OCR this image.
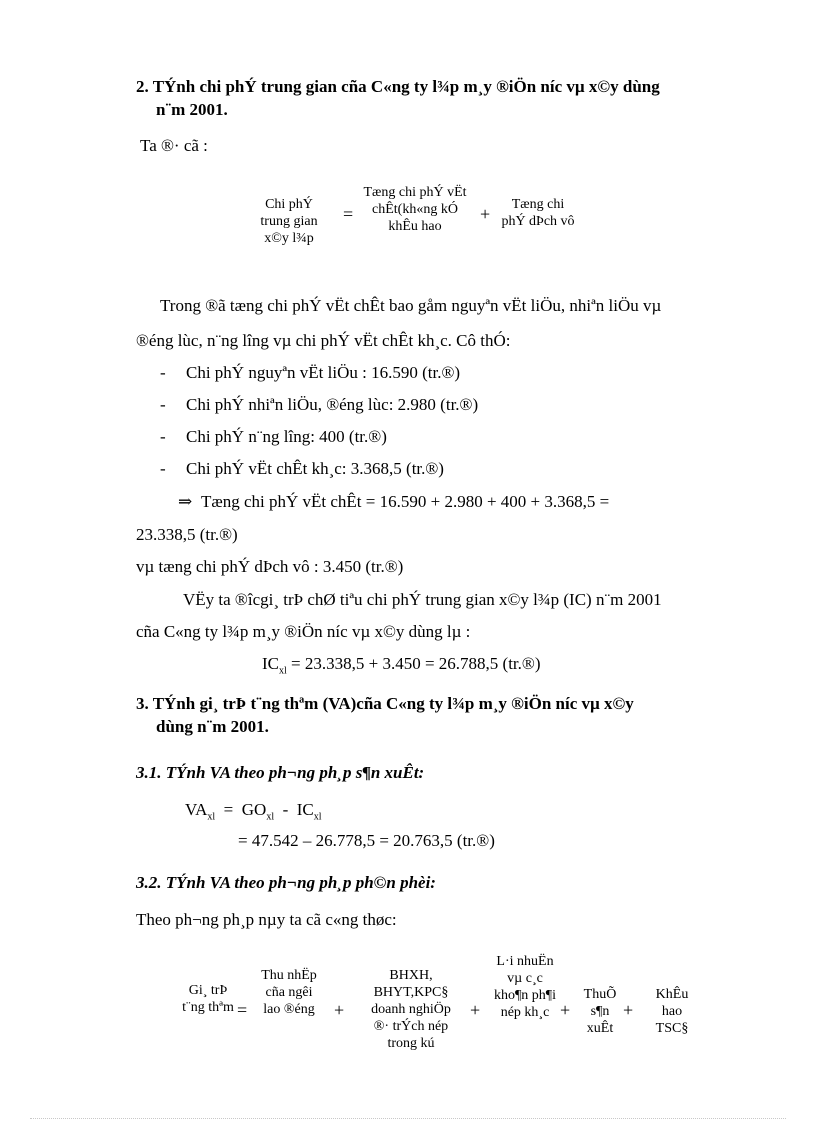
2. TÝnh chi phÝ trung gian cña C«ng ty l¾p m¸y ®iÖn níc vµ x©y dùng
n¨m 2001.
Ta ®· cã :
Chi phÝ trung gian x©y l¾p
=
Tæng chi phÝ vËt chÊt(kh«ng kÓ khÊu hao
+	Tæng chi phÝ dÞch vô
Trong ®ã tæng chi phÝ vËt chÊt bao gåm nguyªn vËt liÖu, nhiªn liÖu vµ
®éng lùc, n¨ng lîng vµ chi phÝ vËt chÊt kh¸c. Cô thÓ:
- Chi phÝ nguyªn vËt liÖu : 16.590 (tr.®)
- Chi phÝ nhiªn liÖu, ®éng lùc: 2.980 (tr.®)
- Chi phÝ n¨ng lîng: 400 (tr.®)
- Chi phÝ vËt chÊt kh¸c: 3.368,5 (tr.®)
⇒ Tæng chi phÝ vËt chÊt = 16.590 + 2.980 + 400 + 3.368,5 =
23.338,5 (tr.®)
vµ tæng chi phÝ dÞch vô : 3.450 (tr.®)
VËy ta ®îcgi¸ trÞ chØ tiªu chi phÝ trung gian x©y l¾p (IC) n¨m 2001
cña C«ng ty l¾p m¸y ®iÖn níc vµ x©y dùng lµ :
$IC_{xl} = 23.338,5 + 3.450 = 26.788,5$ (tr.®)
3. TÝnh gi¸ trÞ t¨ng thªm (VA)cña C«ng ty l¾p m¸y ®iÖn níc vµ x©y
dùng n¨m 2001.
3.1. TÝnh VA theo ph¬ng ph¸p s¶n xuÊt:
$VA_{xl} = GO_{xl} - IC_{xl}$
= 47.542 – 26.778,5 = 20.763,5 (tr.®)
3.2. TÝnh VA theo ph¬ng ph¸p ph©n phèi:
Theo ph¬ng ph¸p nµy ta cã c«ng thøc:
Gi¸ trÞ t¨ng thªm =
Thu nhËp cña ngêi lao ®éng	+
BHXH, BHYT,KPC§ doanh nghiÖp ®· trÝch nép trong kú
+
L·i nhuËn vµ c¸c kho¶n ph¶i nép kh¸c +
ThuÕ s¶n xuÊt
+
KhÊu hao TSC§
